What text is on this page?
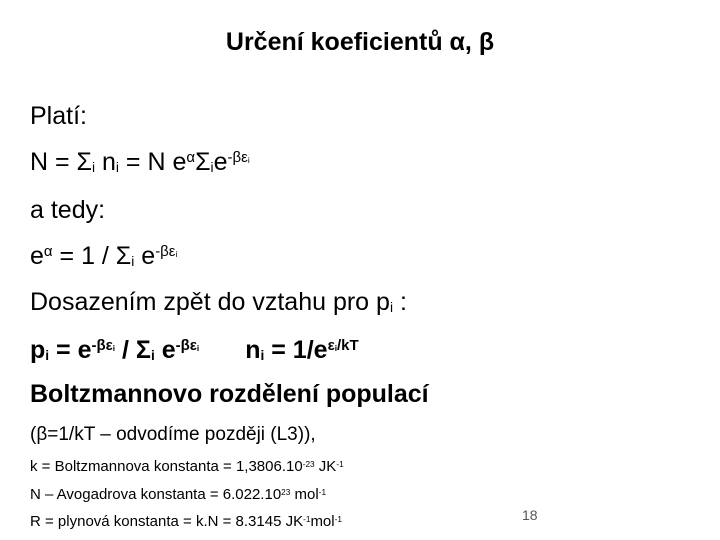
Určení koeficientů α, β
Platí:
N = Σi ni = N $e^\alpha\Sigma ie^{-\beta\varepsilon i}$
a tedy:
$e^\alpha = 1 / \Sigma i$ $e^{-\beta\varepsilon i}$
Dosazením zpět do vztahu pro pi :
pi = $e^{-\beta\varepsilon i}$ / Σi $e^{-\beta\varepsilon i}$ ni = $1/e^{\varepsilon i/kT}$
Boltzmannovo rozdělení populací
(β=1/kT – odvodíme později (L3)),
k = Boltzmannova konstanta = $1,3806.10^{-23}$ $JK^{-1}$
N – Avogadrova konstanta = $6.022.10^{23}$ mol$^{-1}$
R = plynová konstanta = k.N = 8.3145 $JK^{-1}mol^{-1}$	18
